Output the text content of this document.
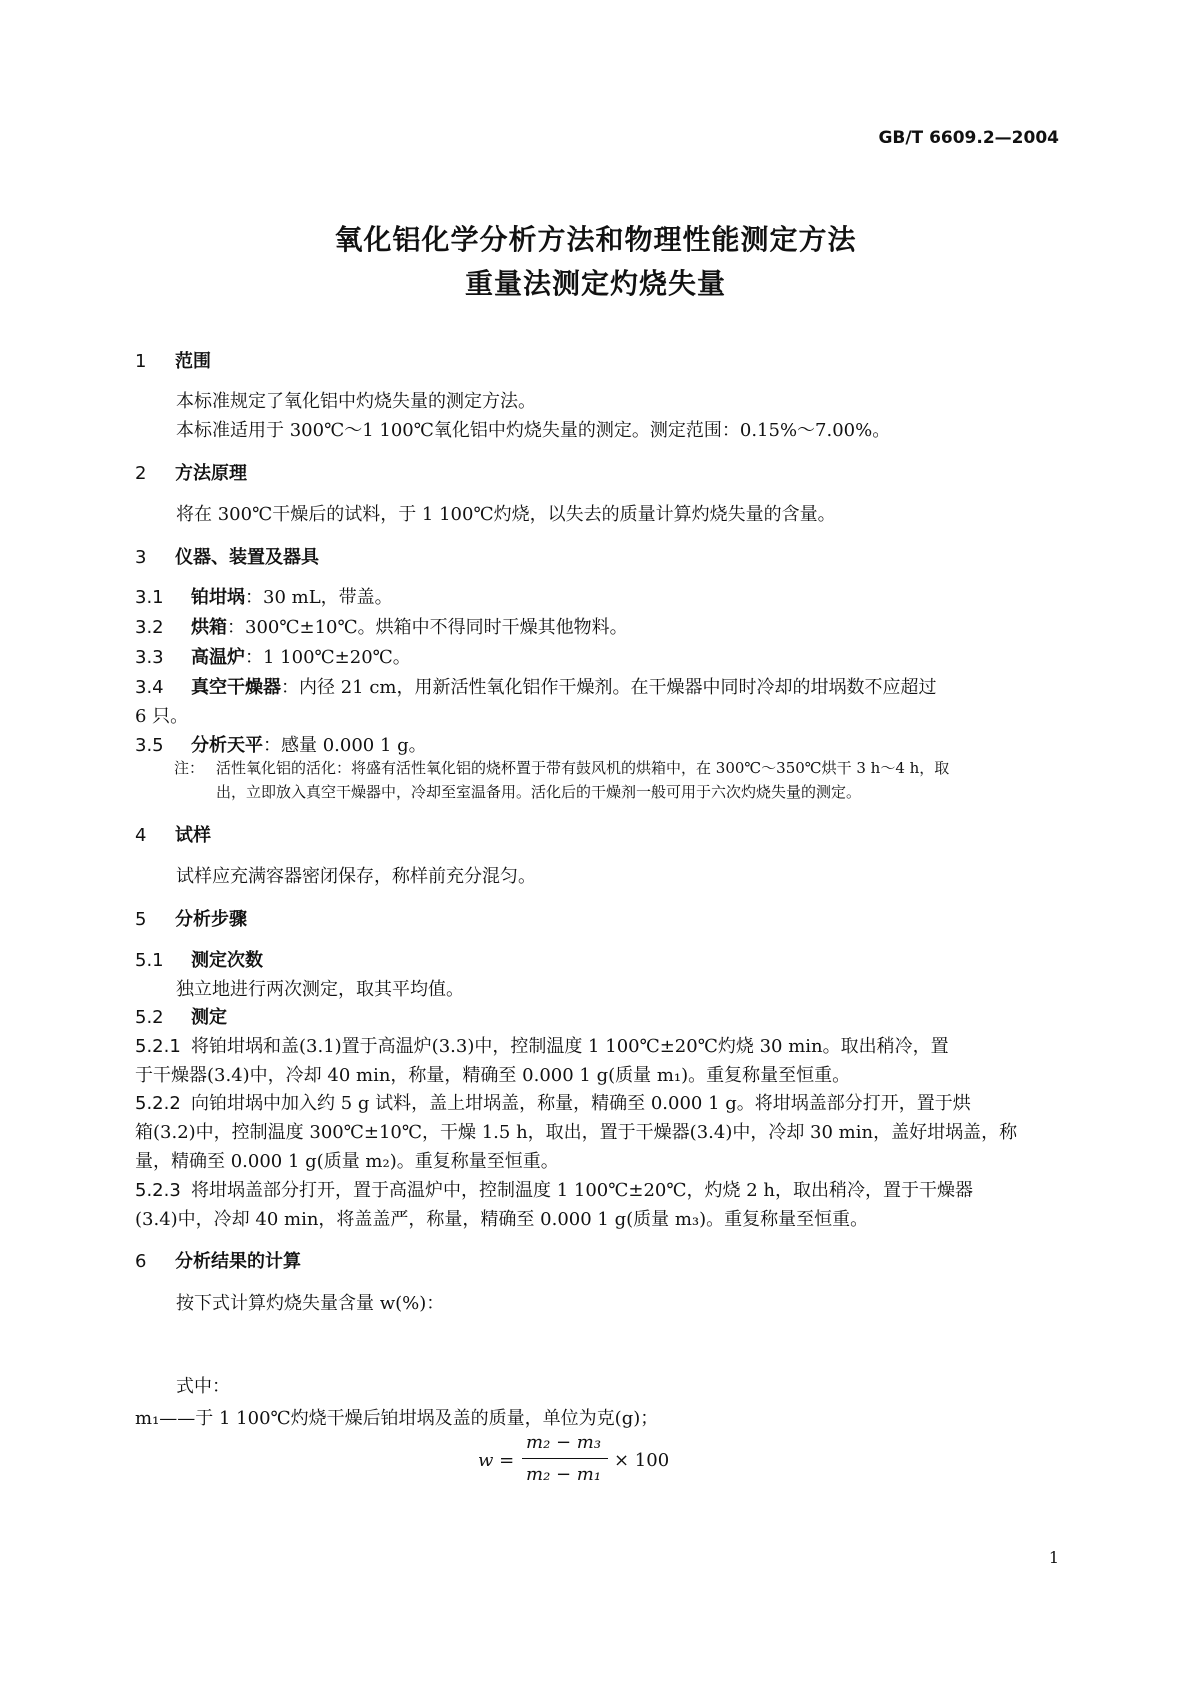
GB/T 6609.2—2004
氧化铝化学分析方法和物理性能测定方法
重量法测定灼烧失量
1 范围
本标准规定了氧化铝中灼烧失量的测定方法。
本标准适用于 300℃～1 100℃氧化铝中灼烧失量的测定。测定范围：0.15%～7.00%。
2 方法原理
将在 300℃干燥后的试料，于 1 100℃灼烧，以失去的质量计算灼烧失量的含量。
3 仪器、装置及器具
3.1 铂坩埚：30 mL，带盖。
3.2 烘箱：300℃±10℃。烘箱中不得同时干燥其他物料。
3.3 高温炉：1 100℃±20℃。
3.4 真空干燥器：内径 21 cm，用新活性氧化铝作干燥剂。在干燥器中同时冷却的坩埚数不应超过
6 只。
3.5 分析天平：感量 0.000 1 g。
注： 活性氧化铝的活化：将盛有活性氧化铝的烧杯置于带有鼓风机的烘箱中，在 300℃～350℃烘干 3 h～4 h，取
出，立即放入真空干燥器中，冷却至室温备用。活化后的干燥剂一般可用于六次灼烧失量的测定。
4 试样
试样应充满容器密闭保存，称样前充分混匀。
5 分析步骤
5.1 测定次数
独立地进行两次测定，取其平均值。
5.2 测定
5.2.1 将铂坩埚和盖(3.1)置于高温炉(3.3)中，控制温度 1 100℃±20℃灼烧 30 min。取出稍冷，置
于干燥器(3.4)中，冷却 40 min，称量，精确至 0.000 1 g(质量 m₁)。重复称量至恒重。
5.2.2 向铂坩埚中加入约 5 g 试料，盖上坩埚盖，称量，精确至 0.000 1 g。将坩埚盖部分打开，置于烘
箱(3.2)中，控制温度 300℃±10℃，干燥 1.5 h，取出，置于干燥器(3.4)中，冷却 30 min，盖好坩埚盖，称
量，精确至 0.000 1 g(质量 m₂)。重复称量至恒重。
5.2.3 将坩埚盖部分打开，置于高温炉中，控制温度 1 100℃±20℃，灼烧 2 h，取出稍冷，置于干燥器
(3.4)中，冷却 40 min，将盖盖严，称量，精确至 0.000 1 g(质量 m₃)。重复称量至恒重。
6 分析结果的计算
按下式计算灼烧失量含量 w(%)：
w =
m₂ − m₃
m₂ − m₁
× 100
式中：
m₁——于 1 100℃灼烧干燥后铂坩埚及盖的质量，单位为克(g)；
1
